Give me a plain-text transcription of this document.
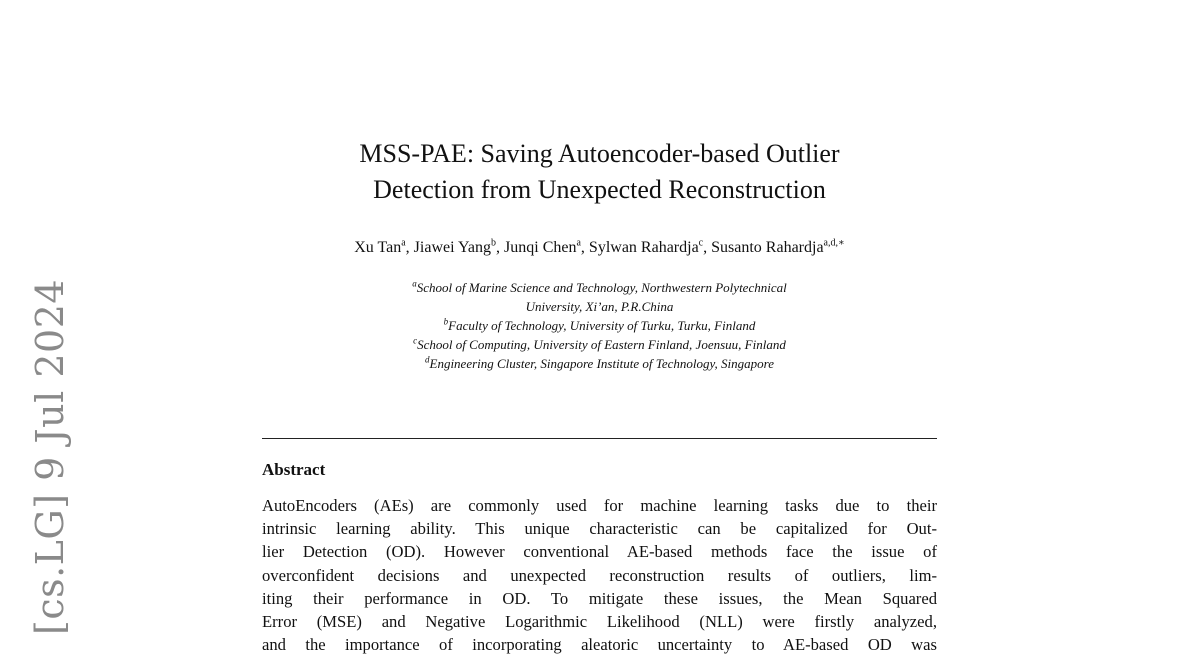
[cs.LG] 9 Jul 2024
MSS-PAE: Saving Autoencoder-based Outlier
Detection from Unexpected Reconstruction
Xu Tan$^a$, Jiawei Yang$^b$, Junqi Chen$^a$, Sylwan Rahardja$^c$, Susanto Rahardja$^{a,d,∗}$
$^a$School of Marine Science and Technology, Northwestern Polytechnical
University, Xi’an, P.R.China
$^b$Faculty of Technology, University of Turku, Turku, Finland
$^c$School of Computing, University of Eastern Finland, Joensuu, Finland
$^d$Engineering Cluster, Singapore Institute of Technology, Singapore
Abstract
AutoEncoders (AEs) are commonly used for machine learning tasks due to their
intrinsic learning ability. This unique characteristic can be capitalized for Out-
lier Detection (OD). However conventional AE-based methods face the issue of
overconfident decisions and unexpected reconstruction results of outliers, lim-
iting their performance in OD. To mitigate these issues, the Mean Squared
Error (MSE) and Negative Logarithmic Likelihood (NLL) were firstly analyzed,
and the importance of incorporating aleatoric uncertainty to AE-based OD was
